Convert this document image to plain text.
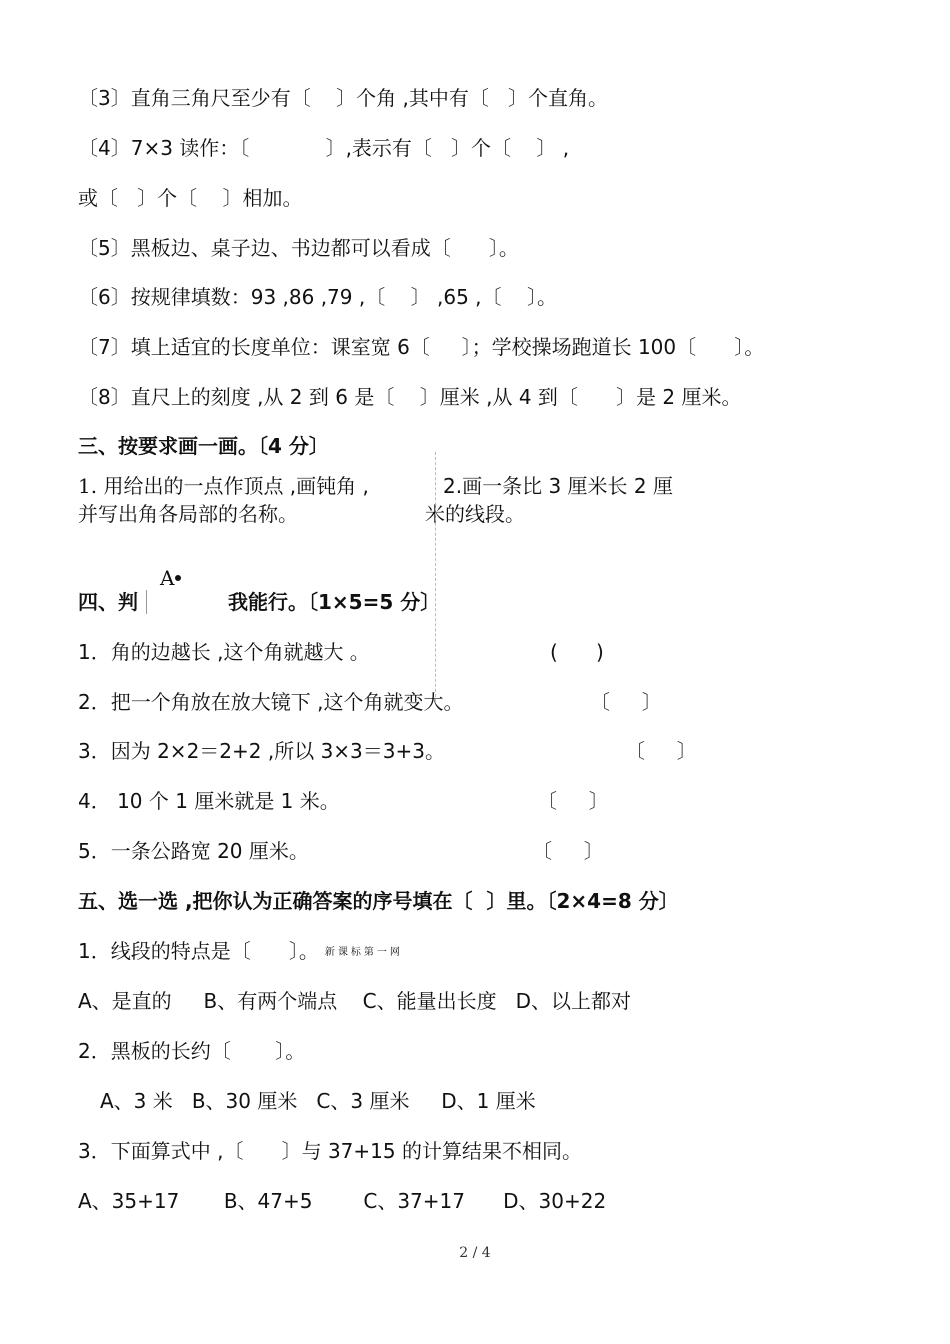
〔3〕直角三角尺至少有〔    〕个角 ,其中有〔   〕个直角。
〔4〕7×3 读作：〔            〕,表示有〔   〕个〔    〕 ,
或〔   〕个〔    〕相加。
〔5〕黑板边、桌子边、书边都可以看成〔      〕。
〔6〕按规律填数：93 ,86 ,79 ,〔    〕 ,65 ,〔    〕。
〔7〕填上适宜的长度单位：课室宽 6〔     〕；学校操场跑道长 100〔      〕。
〔8〕直尺上的刻度 ,从 2 到 6 是〔    〕厘米 ,从 4 到〔      〕是 2 厘米。
三、按要求画一画。〔4 分〕
1. 用给出的一点作顶点 ,画钝角 ,
并写出角各局部的名称。
2.画一条比 3 厘米长 2 厘
米的线段。
A
四、判	我能行。〔1×5=5 分〕
1．角的边越长 ,这个角就越大 。	(      )
2．把一个角放在放大镜下 ,这个角就变大。	〔     〕
3．因为 2×2＝2+2 ,所以 3×3＝3+3。	〔     〕
4． 10 个 1 厘米就是 1 米。	〔     〕
5．一条公路宽 20 厘米。	〔     〕
五、选一选 ,把你认为正确答案的序号填在〔  〕里。〔2×4=8 分〕
1．线段的特点是〔      〕。 新课标第一网
A、是直的     B、有两个端点    C、能量出长度   D、以上都对
2．黑板的长约〔       〕。
A、3 米   B、30 厘米   C、3 厘米     D、1 厘米
3．下面算式中 ,〔      〕与 37+15 的计算结果不相同。
A、35+17       B、47+5        C、37+17      D、30+22
2 / 4
